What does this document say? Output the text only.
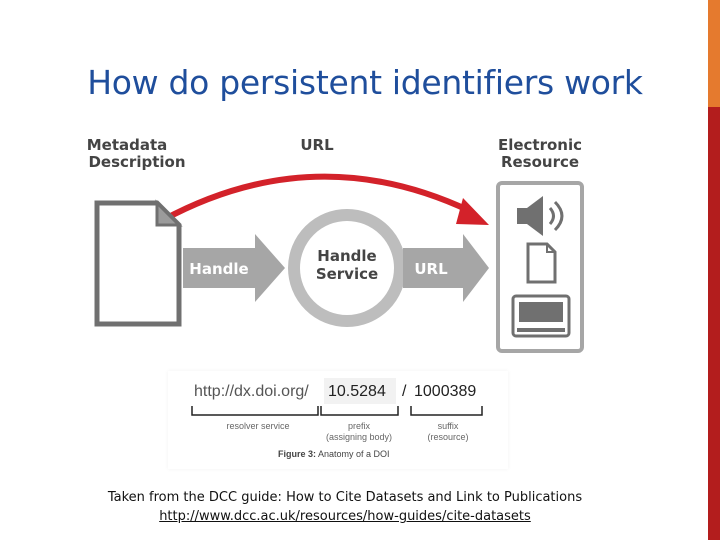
How do persistent identifiers work
Metadata
Description
URL	Electronic
Resource
Handle
Handle
Service URL
http://dx.doi.org/ 10.5284 / 1000389
resolver service	prefix
(assigning body)
suffix
(resource)
Figure 3: Anatomy of a DOI
Taken from the DCC guide: How to Cite Datasets and Link to Publications
http://www.dcc.ac.uk/resources/how-guides/cite-datasets
